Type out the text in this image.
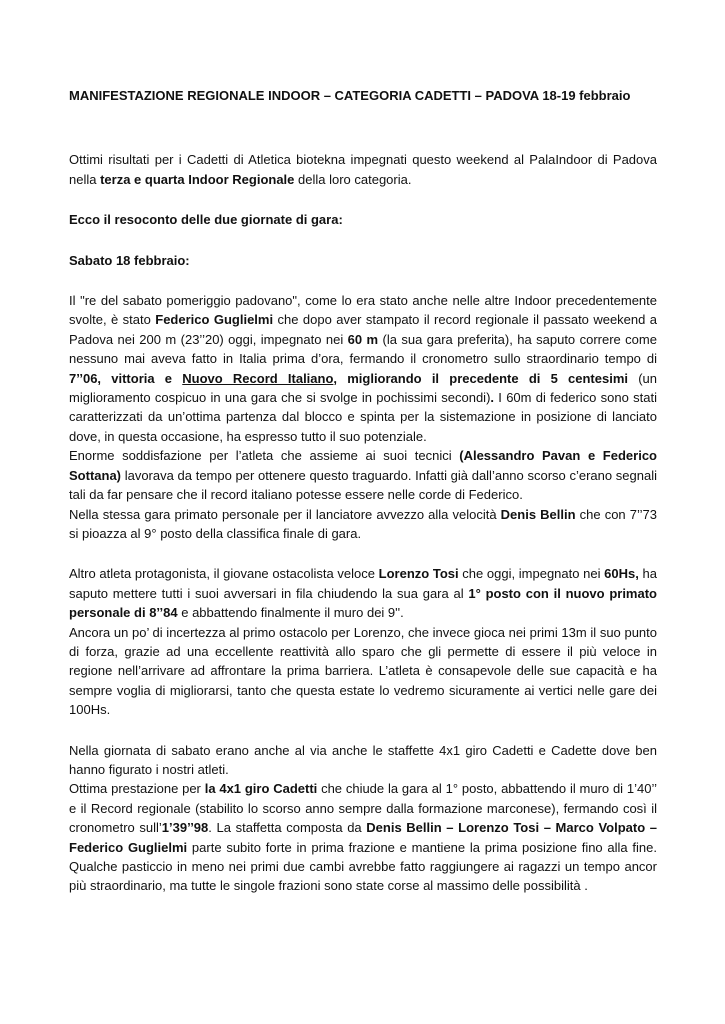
MANIFESTAZIONE REGIONALE INDOOR – CATEGORIA CADETTI – PADOVA 18-19 febbraio

Ottimi risultati per i Cadetti di Atletica biotekna impegnati questo weekend al PalaIndoor di Padova nella terza e quarta Indoor Regionale della loro categoria.

Ecco il resoconto delle due giornate di gara:

Sabato 18 febbraio:

Il "re del sabato pomeriggio padovano", come lo era stato anche nelle altre Indoor precedentemente svolte, è stato Federico Guglielmi che dopo aver stampato il record regionale il passato weekend a Padova nei 200 m (23’’20) oggi, impegnato nei 60 m (la sua gara preferita), ha saputo correre come nessuno mai aveva fatto in Italia prima d’ora, fermando il cronometro sullo straordinario tempo di 7’’06, vittoria e Nuovo Record Italiano, migliorando il precedente di 5 centesimi (un miglioramento cospicuo in una gara che si svolge in pochissimi secondi). I 60m di federico sono stati caratterizzati da un’ottima partenza dal blocco e spinta per la sistemazione in posizione di lanciato dove, in questa occasione, ha espresso tutto il suo potenziale.

Enorme soddisfazione per l’atleta che assieme ai suoi tecnici (Alessandro Pavan e Federico Sottana) lavorava da tempo per ottenere questo traguardo. Infatti già dall’anno scorso c’erano segnali tali da far pensare che il record italiano potesse essere nelle corde di Federico.

Nella stessa gara primato personale per il lanciatore avvezzo alla velocità Denis Bellin che con 7’’73 si pioazza al 9° posto della classifica finale di gara.

Altro atleta protagonista, il giovane ostacolista veloce Lorenzo Tosi che oggi, impegnato nei 60Hs, ha saputo mettere tutti i suoi avversari in fila chiudendo la sua gara al 1° posto con il nuovo primato personale di 8’’84 e abbattendo finalmente il muro dei 9''.

Ancora un po’ di incertezza al primo ostacolo per Lorenzo, che invece gioca nei primi 13m il suo punto di forza, grazie ad una eccellente reattività allo sparo che gli permette di essere il più veloce in regione nell’arrivare ad affrontare la prima barriera. L’atleta è consapevole delle sue capacità e ha sempre voglia di migliorarsi, tanto che questa estate lo vedremo sicuramente ai vertici nelle gare dei 100Hs.

Nella giornata di sabato erano anche al via anche le staffette 4x1 giro Cadetti e Cadette dove ben hanno figurato i nostri atleti.

Ottima prestazione per la 4x1 giro Cadetti che chiude la gara al 1° posto, abbattendo il muro di 1’40’’ e il Record regionale (stabilito lo scorso anno sempre dalla formazione marconese), fermando così il cronometro sull’1’39’’98. La staffetta composta da Denis Bellin – Lorenzo Tosi – Marco Volpato – Federico Guglielmi parte subito forte in prima frazione e mantiene la prima posizione fino alla fine. Qualche pasticcio in meno nei primi due cambi avrebbe fatto raggiungere ai ragazzi un tempo ancor più straordinario, ma tutte le singole frazioni sono state corse al massimo delle possibilità .
